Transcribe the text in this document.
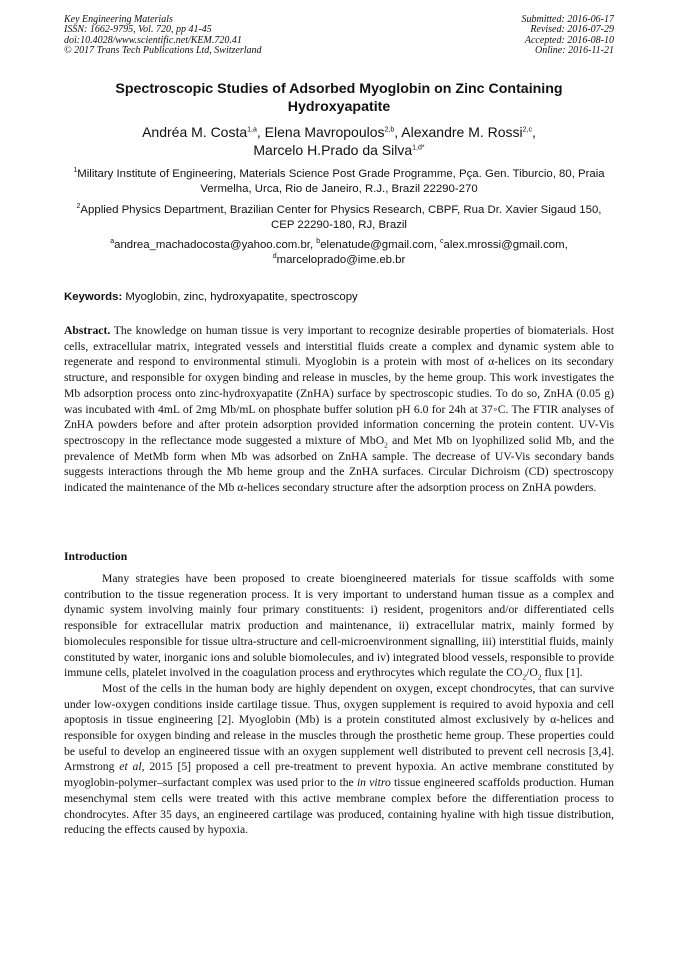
Key Engineering Materials
ISSN: 1662-9795, Vol. 720, pp 41-45
doi:10.4028/www.scientific.net/KEM.720.41
© 2017 Trans Tech Publications Ltd, Switzerland
Submitted: 2016-06-17
Revised: 2016-07-29
Accepted: 2016-08-10
Online: 2016-11-21
Spectroscopic Studies of Adsorbed Myoglobin on Zinc Containing
Hydroxyapatite
Andréa M. Costa$^{1,a}$, Elena Mavropoulos$^{2,b}$, Alexandre M. Rossi$^{2,c}$,
Marcelo H.Prado da Silva$^{1,d*}$
$^1$Military Institute of Engineering, Materials Science Post Grade Programme, Pça. Gen. Tiburcio, 80, Praia Vermelha, Urca, Rio de Janeiro, R.J., Brazil 22290-270
$^2$Applied Physics Department, Brazilian Center for Physics Research, CBPF, Rua Dr. Xavier Sigaud 150, CEP 22290-180, RJ, Brazil
$^a$andrea_machadocosta@yahoo.com.br, $^b$elenatude@gmail.com, $^c$alex.mrossi@gmail.com,
$^d$marceloprado@ime.eb.br
Keywords: Myoglobin, zinc, hydroxyapatite, spectroscopy

Abstract. The knowledge on human tissue is very important to recognize desirable properties of biomaterials. Host cells, extracellular matrix, integrated vessels and interstitial fluids create a complex and dynamic system able to regenerate and respond to environmental stimuli. Myoglobin is a protein with most of α-helices on its secondary structure, and responsible for oxygen binding and release in muscles, by the heme group. This work investigates the Mb adsorption process onto zinc-hydroxyapatite (ZnHA) surface by spectroscopic studies. To do so, ZnHA (0.05 g) was incubated with 4mL of 2mg Mb/mL on phosphate buffer solution pH 6.0 for 24h at 37◦C. The FTIR analyses of ZnHA powders before and after protein adsorption provided information concerning the protein content. UV-Vis spectroscopy in the reflectance mode suggested a mixture of MbO$_2$ and Met Mb on lyophilized solid Mb, and the prevalence of MetMb form when Mb was adsorbed on ZnHA sample. The decrease of UV-Vis secondary bands suggests interactions through the Mb heme group and the ZnHA surfaces. Circular Dichroism (CD) spectroscopy indicated the maintenance of the Mb α-helices secondary structure after the adsorption process on ZnHA powders.

Introduction

Many strategies have been proposed to create bioengineered materials for tissue scaffolds with some contribution to the tissue regeneration process. It is very important to understand human tissue as a complex and dynamic system involving mainly four primary constituents: i) resident, progenitors and/or differentiated cells responsible for extracellular matrix production and maintenance, ii) extracellular matrix, mainly formed by biomolecules responsible for tissue ultra-structure and cell-microenvironment signalling, iii) interstitial fluids, mainly constituted by water, inorganic ions and soluble biomolecules, and iv) integrated blood vessels, responsible to provide immune cells, platelet involved in the coagulation process and erythrocytes which regulate the $CO_2/O_2$ flux [1].

Most of the cells in the human body are highly dependent on oxygen, except chondrocytes, that can survive under low-oxygen conditions inside cartilage tissue. Thus, oxygen supplement is required to avoid hypoxia and cell apoptosis in tissue engineering [2]. Myoglobin (Mb) is a protein constituted almost exclusively by α-helices and responsible for oxygen binding and release in the muscles through the prosthetic heme group. These properties could be useful to develop an engineered tissue with an oxygen supplement well distributed to prevent cell necrosis [3,4]. Armstrong et al, 2015 [5] proposed a cell pre-treatment to prevent hypoxia. An active membrane constituted by myoglobin-polymer–surfactant complex was used prior to the in vitro tissue engineered scaffolds production. Human mesenchymal stem cells were treated with this active membrane complex before the differentiation process to chondrocytes. After 35 days, an engineered cartilage was produced, containing hyaline with high tissue distribution, reducing the effects caused by hypoxia.
